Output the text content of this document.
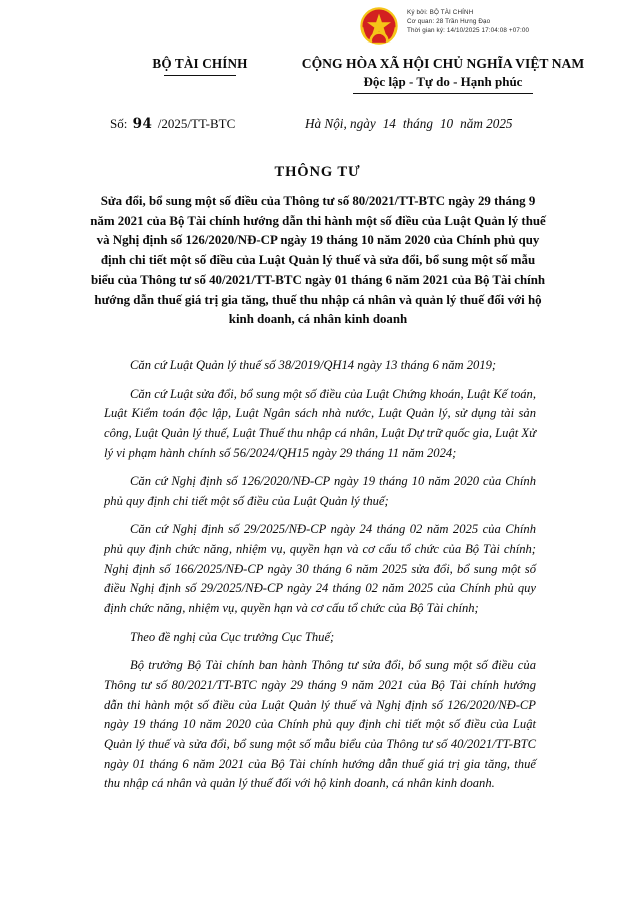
Ký bởi: BỘ TÀI CHÍNH
Cơ quan: 28 Trần Hưng Đạo
Thời gian ký: 14/10/2025 17:04:08 +07:00
BỘ TÀI CHÍNH	CỘNG HÒA XÃ HỘI CHỦ NGHĨA VIỆT NAM
Độc lập - Tự do - Hạnh phúc
Số: 94 /2025/TT-BTC	Hà Nội, ngày 14 tháng 10 năm 2025
THÔNG TƯ
Sửa đổi, bổ sung một số điều của Thông tư số 80/2021/TT-BTC ngày 29 tháng 9 năm 2021 của Bộ Tài chính hướng dẫn thi hành một số điều của Luật Quản lý thuế và Nghị định số 126/2020/NĐ-CP ngày 19 tháng 10 năm 2020 của Chính phủ quy định chi tiết một số điều của Luật Quản lý thuế và sửa đổi, bổ sung một số mẫu biểu của Thông tư số 40/2021/TT-BTC ngày 01 tháng 6 năm 2021 của Bộ Tài chính hướng dẫn thuế giá trị gia tăng, thuế thu nhập cá nhân và quản lý thuế đối với hộ kinh doanh, cá nhân kinh doanh

Căn cứ Luật Quản lý thuế số 38/2019/QH14 ngày 13 tháng 6 năm 2019;

Căn cứ Luật sửa đổi, bổ sung một số điều của Luật Chứng khoán, Luật Kế toán, Luật Kiểm toán độc lập, Luật Ngân sách nhà nước, Luật Quản lý, sử dụng tài sản công, Luật Quản lý thuế, Luật Thuế thu nhập cá nhân, Luật Dự trữ quốc gia, Luật Xử lý vi phạm hành chính số 56/2024/QH15 ngày 29 tháng 11 năm 2024;

Căn cứ Nghị định số 126/2020/NĐ-CP ngày 19 tháng 10 năm 2020 của Chính phủ quy định chi tiết một số điều của Luật Quản lý thuế;

Căn cứ Nghị định số 29/2025/NĐ-CP ngày 24 tháng 02 năm 2025 của Chính phủ quy định chức năng, nhiệm vụ, quyền hạn và cơ cấu tổ chức của Bộ Tài chính; Nghị định số 166/2025/NĐ-CP ngày 30 tháng 6 năm 2025 sửa đổi, bổ sung một số điều Nghị định số 29/2025/NĐ-CP ngày 24 tháng 02 năm 2025 của Chính phủ quy định chức năng, nhiệm vụ, quyền hạn và cơ cấu tổ chức của Bộ Tài chính;

Theo đề nghị của Cục trưởng Cục Thuế;

Bộ trưởng Bộ Tài chính ban hành Thông tư sửa đổi, bổ sung một số điều của Thông tư số 80/2021/TT-BTC ngày 29 tháng 9 năm 2021 của Bộ Tài chính hướng dẫn thi hành một số điều của Luật Quản lý thuế và Nghị định số 126/2020/NĐ-CP ngày 19 tháng 10 năm 2020 của Chính phủ quy định chi tiết một số điều của Luật Quản lý thuế và sửa đổi, bổ sung một số mẫu biểu của Thông tư số 40/2021/TT-BTC ngày 01 tháng 6 năm 2021 của Bộ Tài chính hướng dẫn thuế giá trị gia tăng, thuế thu nhập cá nhân và quản lý thuế đối với hộ kinh doanh, cá nhân kinh doanh.
